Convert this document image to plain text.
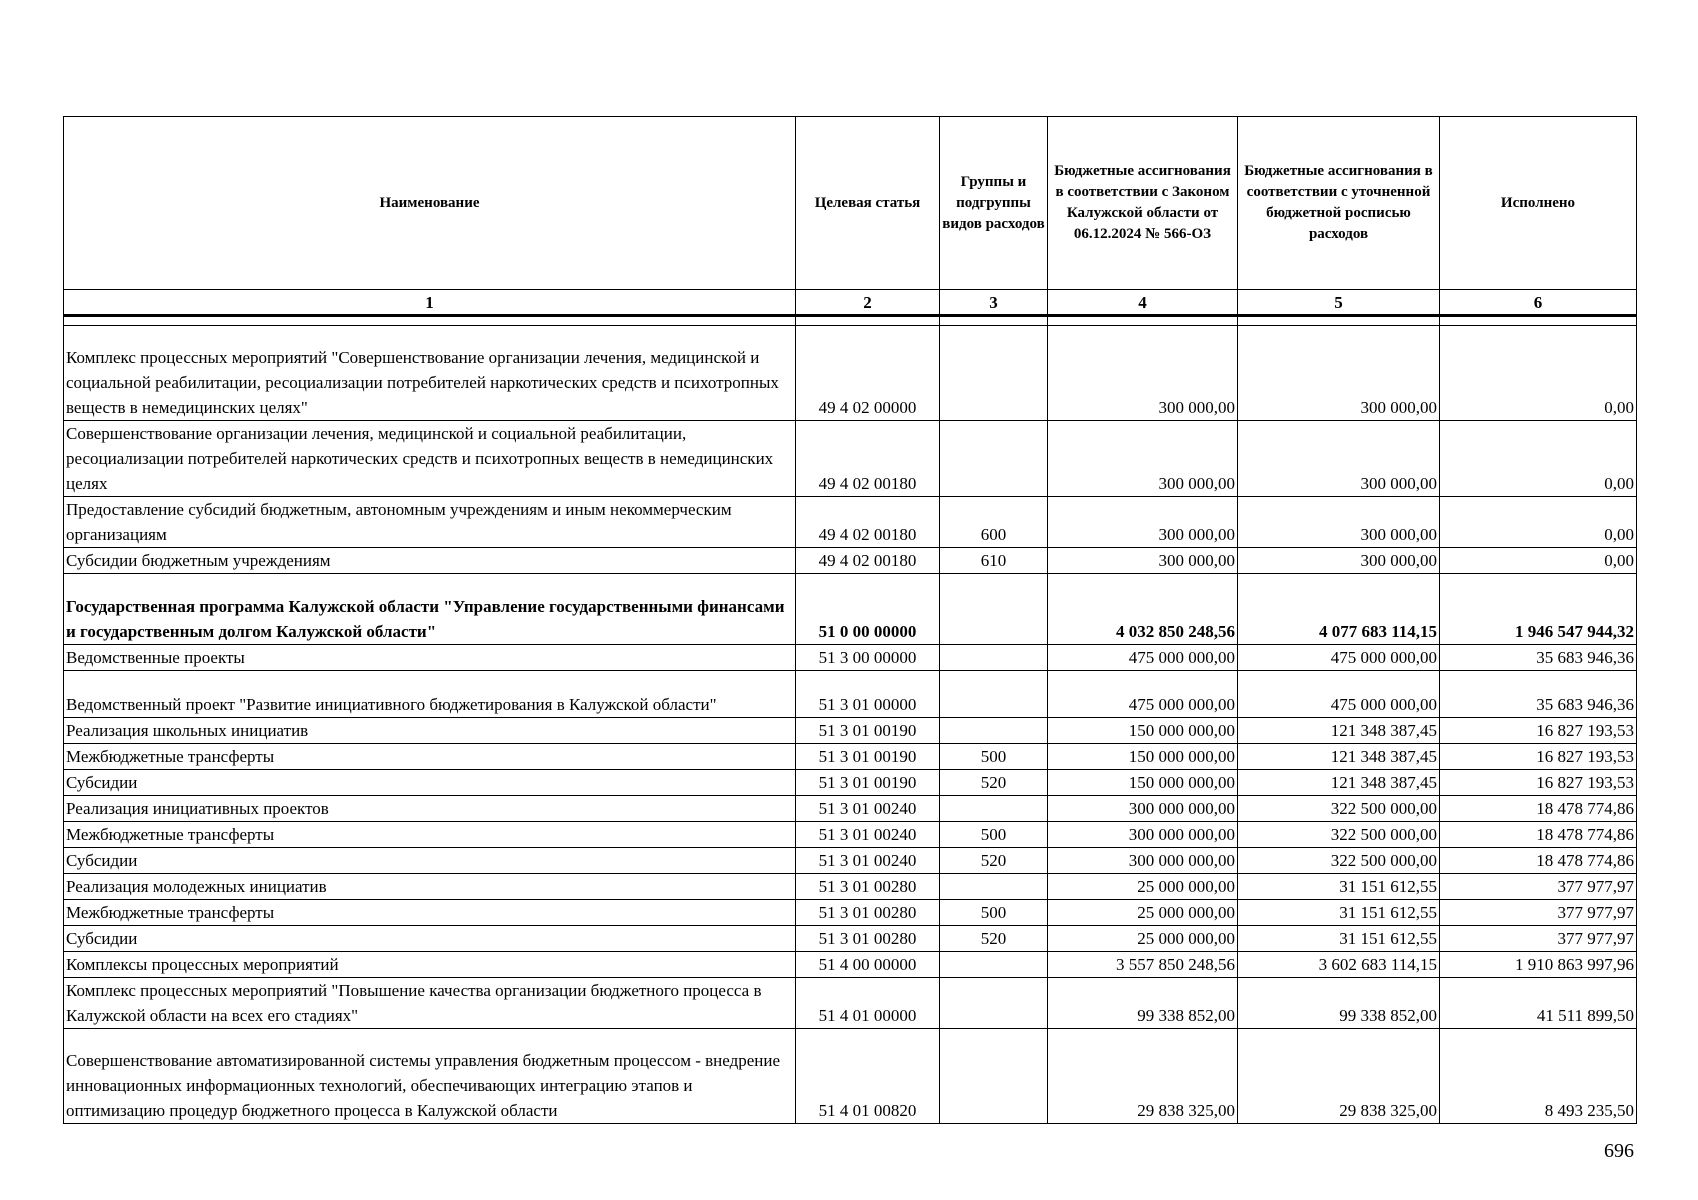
Наименование	Целевая статья	Группы и подгруппы видов расходов	Бюджетные ассигнования в соответствии с Законом Калужской области от 06.12.2024 № 566-ОЗ	Бюджетные ассигнования в соответствии с уточненной бюджетной росписью расходов	Исполнено
1	2	3	4	5	6

Комплекс процессных мероприятий "Совершенствование организации лечения, медицинской и социальной реабилитации, ресоциализации потребителей наркотических средств и психотропных веществ в немедицинских целях"	49 4 02 00000		300 000,00	300 000,00	0,00
Совершенствование организации лечения, медицинской и социальной реабилитации, ресоциализации потребителей наркотических средств и психотропных веществ в немедицинских целях	49 4 02 00180		300 000,00	300 000,00	0,00
Предоставление субсидий бюджетным, автономным учреждениям и иным некоммерческим организациям	49 4 02 00180	600	300 000,00	300 000,00	0,00
Субсидии бюджетным учреждениям	49 4 02 00180	610	300 000,00	300 000,00	0,00
Государственная программа Калужской области "Управление государственными финансами и государственным долгом Калужской области"	51 0 00 00000		4 032 850 248,56	4 077 683 114,15	1 946 547 944,32
Ведомственные проекты	51 3 00 00000		475 000 000,00	475 000 000,00	35 683 946,36
Ведомственный проект "Развитие инициативного бюджетирования в Калужской области"	51 3 01 00000		475 000 000,00	475 000 000,00	35 683 946,36
Реализация школьных инициатив	51 3 01 00190		150 000 000,00	121 348 387,45	16 827 193,53
Межбюджетные трансферты	51 3 01 00190	500	150 000 000,00	121 348 387,45	16 827 193,53
Субсидии	51 3 01 00190	520	150 000 000,00	121 348 387,45	16 827 193,53
Реализация инициативных проектов	51 3 01 00240		300 000 000,00	322 500 000,00	18 478 774,86
Межбюджетные трансферты	51 3 01 00240	500	300 000 000,00	322 500 000,00	18 478 774,86
Субсидии	51 3 01 00240	520	300 000 000,00	322 500 000,00	18 478 774,86
Реализация молодежных инициатив	51 3 01 00280		25 000 000,00	31 151 612,55	377 977,97
Межбюджетные трансферты	51 3 01 00280	500	25 000 000,00	31 151 612,55	377 977,97
Субсидии	51 3 01 00280	520	25 000 000,00	31 151 612,55	377 977,97
Комплексы процессных мероприятий	51 4 00 00000		3 557 850 248,56	3 602 683 114,15	1 910 863 997,96
Комплекс процессных мероприятий "Повышение качества организации бюджетного процесса в Калужской области на всех его стадиях"	51 4 01 00000		99 338 852,00	99 338 852,00	41 511 899,50
Совершенствование автоматизированной системы управления бюджетным процессом - внедрение инновационных информационных технологий, обеспечивающих интеграцию этапов и оптимизацию процедур бюджетного процесса в Калужской области	51 4 01 00820		29 838 325,00	29 838 325,00	8 493 235,50
696
